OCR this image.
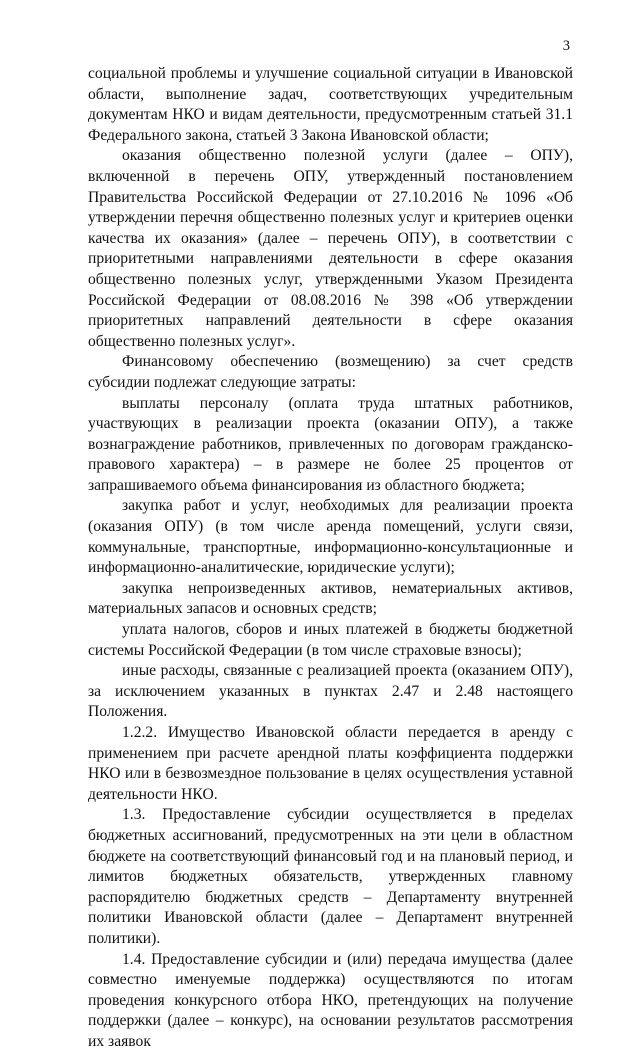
3

социальной проблемы и улучшение социальной ситуации в Ивановской области, выполнение задач, соответствующих учредительным документам НКО и видам деятельности, предусмотренным статьей 31.1 Федерального закона, статьей 3 Закона Ивановской области;

оказания общественно полезной услуги (далее – ОПУ), включенной в перечень ОПУ, утвержденный постановлением Правительства Российской Федерации от 27.10.2016 № 1096 «Об утверждении перечня общественно полезных услуг и критериев оценки качества их оказания» (далее – перечень ОПУ), в соответствии с приоритетными направлениями деятельности в сфере оказания общественно полезных услуг, утвержденными Указом Президента Российской Федерации от 08.08.2016 № 398 «Об утверждении приоритетных направлений деятельности в сфере оказания общественно полезных услуг».

Финансовому обеспечению (возмещению) за счет средств субсидии подлежат следующие затраты:

выплаты персоналу (оплата труда штатных работников, участвующих в реализации проекта (оказании ОПУ), а также вознаграждение работников, привлеченных по договорам гражданско-правового характера) – в размере не более 25 процентов от запрашиваемого объема финансирования из областного бюджета;

закупка работ и услуг, необходимых для реализации проекта (оказания ОПУ) (в том числе аренда помещений, услуги связи, коммунальные, транспортные, информационно-консультационные и информационно-аналитические, юридические услуги);

закупка непроизведенных активов, нематериальных активов, материальных запасов и основных средств;

уплата налогов, сборов и иных платежей в бюджеты бюджетной системы Российской Федерации (в том числе страховые взносы);

иные расходы, связанные с реализацией проекта (оказанием ОПУ), за исключением указанных в пунктах 2.47 и 2.48 настоящего Положения.

1.2.2. Имущество Ивановской области передается в аренду с применением при расчете арендной платы коэффициента поддержки НКО или в безвозмездное пользование в целях осуществления уставной деятельности НКО.

1.3. Предоставление субсидии осуществляется в пределах бюджетных ассигнований, предусмотренных на эти цели в областном бюджете на соответствующий финансовый год и на плановый период, и лимитов бюджетных обязательств, утвержденных главному распорядителю бюджетных средств – Департаменту внутренней политики Ивановской области (далее – Департамент внутренней политики).

1.4. Предоставление субсидии и (или) передача имущества (далее совместно именуемые поддержка) осуществляются по итогам проведения конкурсного отбора НКО, претендующих на получение поддержки (далее – конкурс), на основании результатов рассмотрения их заявок
